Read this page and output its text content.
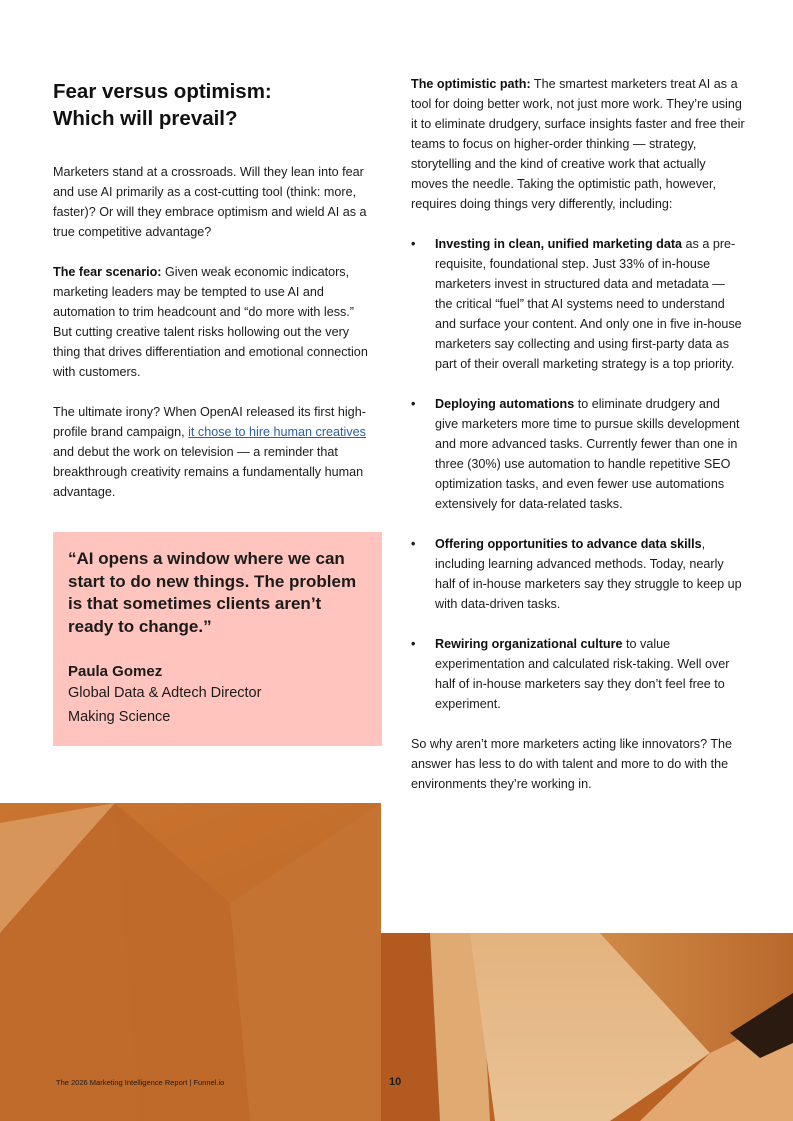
Fear versus optimism:
Which will prevail?

Marketers stand at a crossroads. Will they lean into fear and use AI primarily as a cost-cutting tool (think: more, faster)? Or will they embrace optimism and wield AI as a true competitive advantage?

The fear scenario: Given weak economic indicators, marketing leaders may be tempted to use AI and automation to trim headcount and “do more with less.” But cutting creative talent risks hollowing out the very thing that drives differentiation and emotional connection with customers.

The ultimate irony? When OpenAI released its first high-profile brand campaign, it chose to hire human creatives and debut the work on television — a reminder that breakthrough creativity remains a fundamentally human advantage.

“AI opens a window where we can start to do new things. The problem is that sometimes clients aren’t ready to change.”
Paula Gomez
Global Data & Adtech Director
Making Science

The optimistic path: The smartest marketers treat AI as a tool for doing better work, not just more work. They’re using it to eliminate drudgery, surface insights faster and free their teams to focus on higher-order thinking — strategy, storytelling and the kind of creative work that actually moves the needle. Taking the optimistic path, however, requires doing things very differently, including:

• Investing in clean, unified marketing data as a pre-requisite, foundational step. Just 33% of in-house marketers invest in structured data and metadata — the critical “fuel” that AI systems need to understand and surface your content. And only one in five in-house marketers say collecting and using first-party data as part of their overall marketing strategy is a top priority.
• Deploying automations to eliminate drudgery and give marketers more time to pursue skills development and more advanced tasks. Currently fewer than one in three (30%) use automation to handle repetitive SEO optimization tasks, and even fewer use automations extensively for data-related tasks.
• Offering opportunities to advance data skills, including learning advanced methods. Today, nearly half of in-house marketers say they struggle to keep up with data-driven tasks.
• Rewiring organizational culture to value experimentation and calculated risk-taking. Well over half of in-house marketers say they don’t feel free to experiment.

So why aren’t more marketers acting like innovators? The answer has less to do with talent and more to do with the environments they’re working in.

The 2026 Marketing Intelligence Report | Funnel.io	10
